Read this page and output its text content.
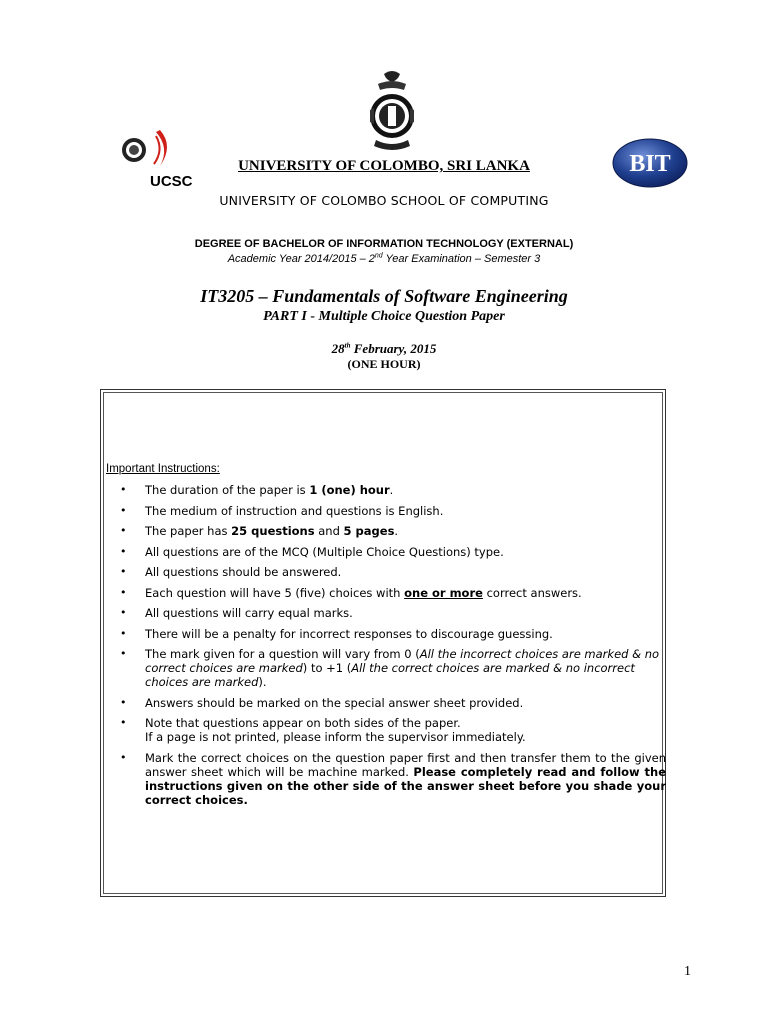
UCSC
BIT
UNIVERSITY OF COLOMBO, SRI LANKA
UNIVERSITY OF COLOMBO SCHOOL OF COMPUTING
DEGREE OF BACHELOR OF INFORMATION TECHNOLOGY (EXTERNAL)
Academic Year 2014/2015 – 2nd Year Examination – Semester 3
IT3205 – Fundamentals of Software Engineering
PART I - Multiple Choice Question Paper
28th February, 2015
(ONE HOUR)
Important Instructions:
• The duration of the paper is 1 (one) hour.
• The medium of instruction and questions is English.
• The paper has 25 questions and 5 pages.
• All questions are of the MCQ (Multiple Choice Questions) type.
• All questions should be answered.
• Each question will have 5 (five) choices with one or more correct answers.
• All questions will carry equal marks.
• There will be a penalty for incorrect responses to discourage guessing.
• The mark given for a question will vary from 0 (All the incorrect choices are marked & no correct choices are marked) to +1 (All the correct choices are marked & no incorrect choices are marked).
• Answers should be marked on the special answer sheet provided.
• Note that questions appear on both sides of the paper.
If a page is not printed, please inform the supervisor immediately.
• Mark the correct choices on the question paper first and then transfer them to the given answer sheet which will be machine marked. Please completely read and follow the instructions given on the other side of the answer sheet before you shade your correct choices.
1
